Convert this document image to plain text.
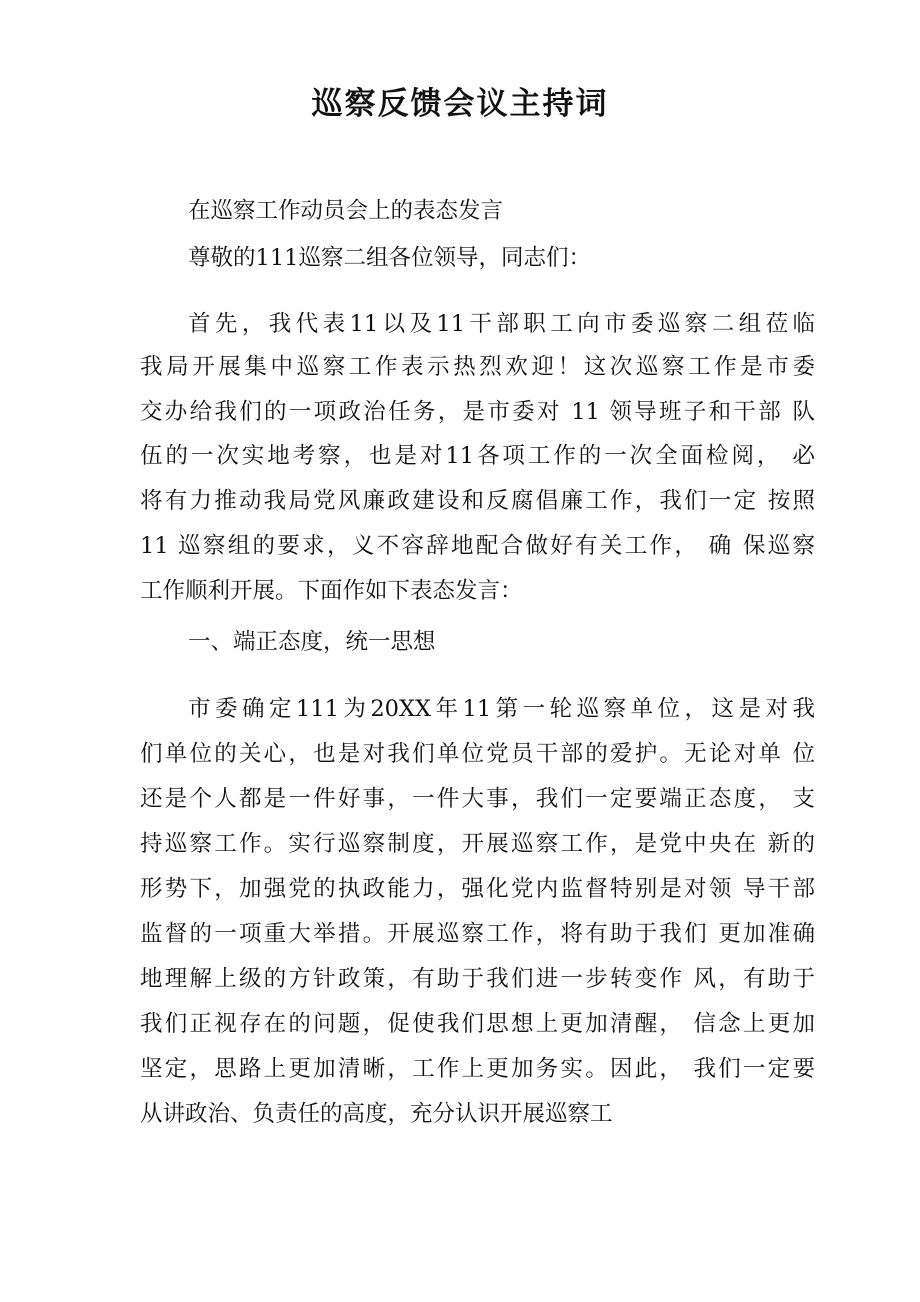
巡察反馈会议主持词

在巡察工作动员会上的表态发言

尊敬的111巡察二组各位领导，同志们：

首先，我代表11以及11干部职工向市委巡察二组莅临

我局开展集中巡察工作表示热烈欢迎！这次巡察工作是市委

交办给我们的一项政治任务，是市委对 11 领导班子和干部 队

伍的一次实地考察，也是对11各项工作的一次全面检阅， 必

将有力推动我局党风廉政建设和反腐倡廉工作，我们一定 按照

11 巡察组的要求，义不容辞地配合做好有关工作， 确 保巡察

工作顺利开展。下面作如下表态发言：

一、端正态度，统一思想

市委确定111为20XX年11第一轮巡察单位，这是对我

们单位的关心，也是对我们单位党员干部的爱护。无论对单 位

还是个人都是一件好事，一件大事，我们一定要端正态度， 支

持巡察工作。实行巡察制度，开展巡察工作，是党中央在 新的

形势下，加强党的执政能力，强化党内监督特别是对领 导干部

监督的一项重大举措。开展巡察工作，将有助于我们 更加准确

地理解上级的方针政策，有助于我们进一步转变作 风，有助于

我们正视存在的问题，促使我们思想上更加清醒， 信念上更加

坚定，思路上更加清晰，工作上更加务实。因此， 我们一定要

从讲政治、负责任的高度，充分认识开展巡察工
